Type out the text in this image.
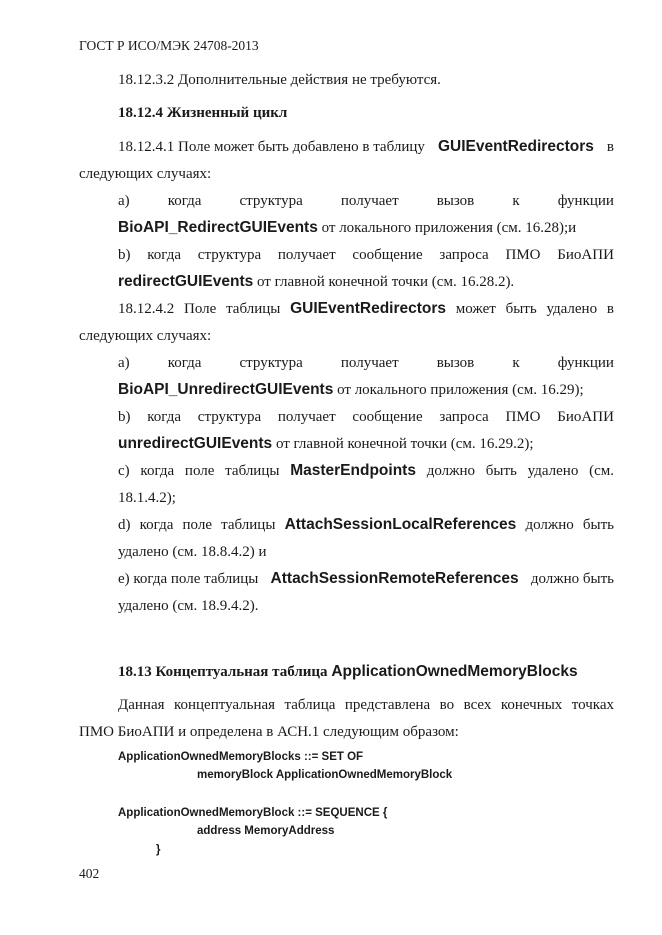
ГОСТ Р ИСО/МЭК 24708-2013
18.12.3.2 Дополнительные действия не требуются.
18.12.4 Жизненный цикл
18.12.4.1 Поле может быть добавлено в таблицу GUIEventRedirectors в
следующих случаях:
a)	когда	структура	получает	вызов	к	функции
BioAPI_RedirectGUIEvents от локального приложения (см. 16.28);и
b) когда структура получает сообщение запроса ПМО БиоАПИ
redirectGUIEvents от главной конечной точки (см. 16.28.2).
18.12.4.2 Поле таблицы GUIEventRedirectors может быть удалено в
следующих случаях:
a)	когда	структура	получает	вызов	к	функции
BioAPI_UnredirectGUIEvents от локального приложения (см. 16.29);
b) когда структура получает сообщение запроса ПМО БиоАПИ
unredirectGUIEvents от главной конечной точки (см. 16.29.2);
c) когда поле таблицы MasterEndpoints должно быть удалено (см.
18.1.4.2);
d) когда поле таблицы AttachSessionLocalReferences должно быть
удалено (см. 18.8.4.2) и
e) когда поле таблицы AttachSessionRemoteReferences должно быть
удалено (см. 18.9.4.2).
18.13 Концептуальная таблица ApplicationOwnedMemoryBlocks
Данная концептуальная таблица представлена во всех конечных точках
ПМО БиоАПИ и определена в АСН.1 следующим образом:
ApplicationOwnedMemoryBlocks ::= SET OF
memoryBlock ApplicationOwnedMemoryBlock
ApplicationOwnedMemoryBlock ::= SEQUENCE {
address MemoryAddress
}
402
